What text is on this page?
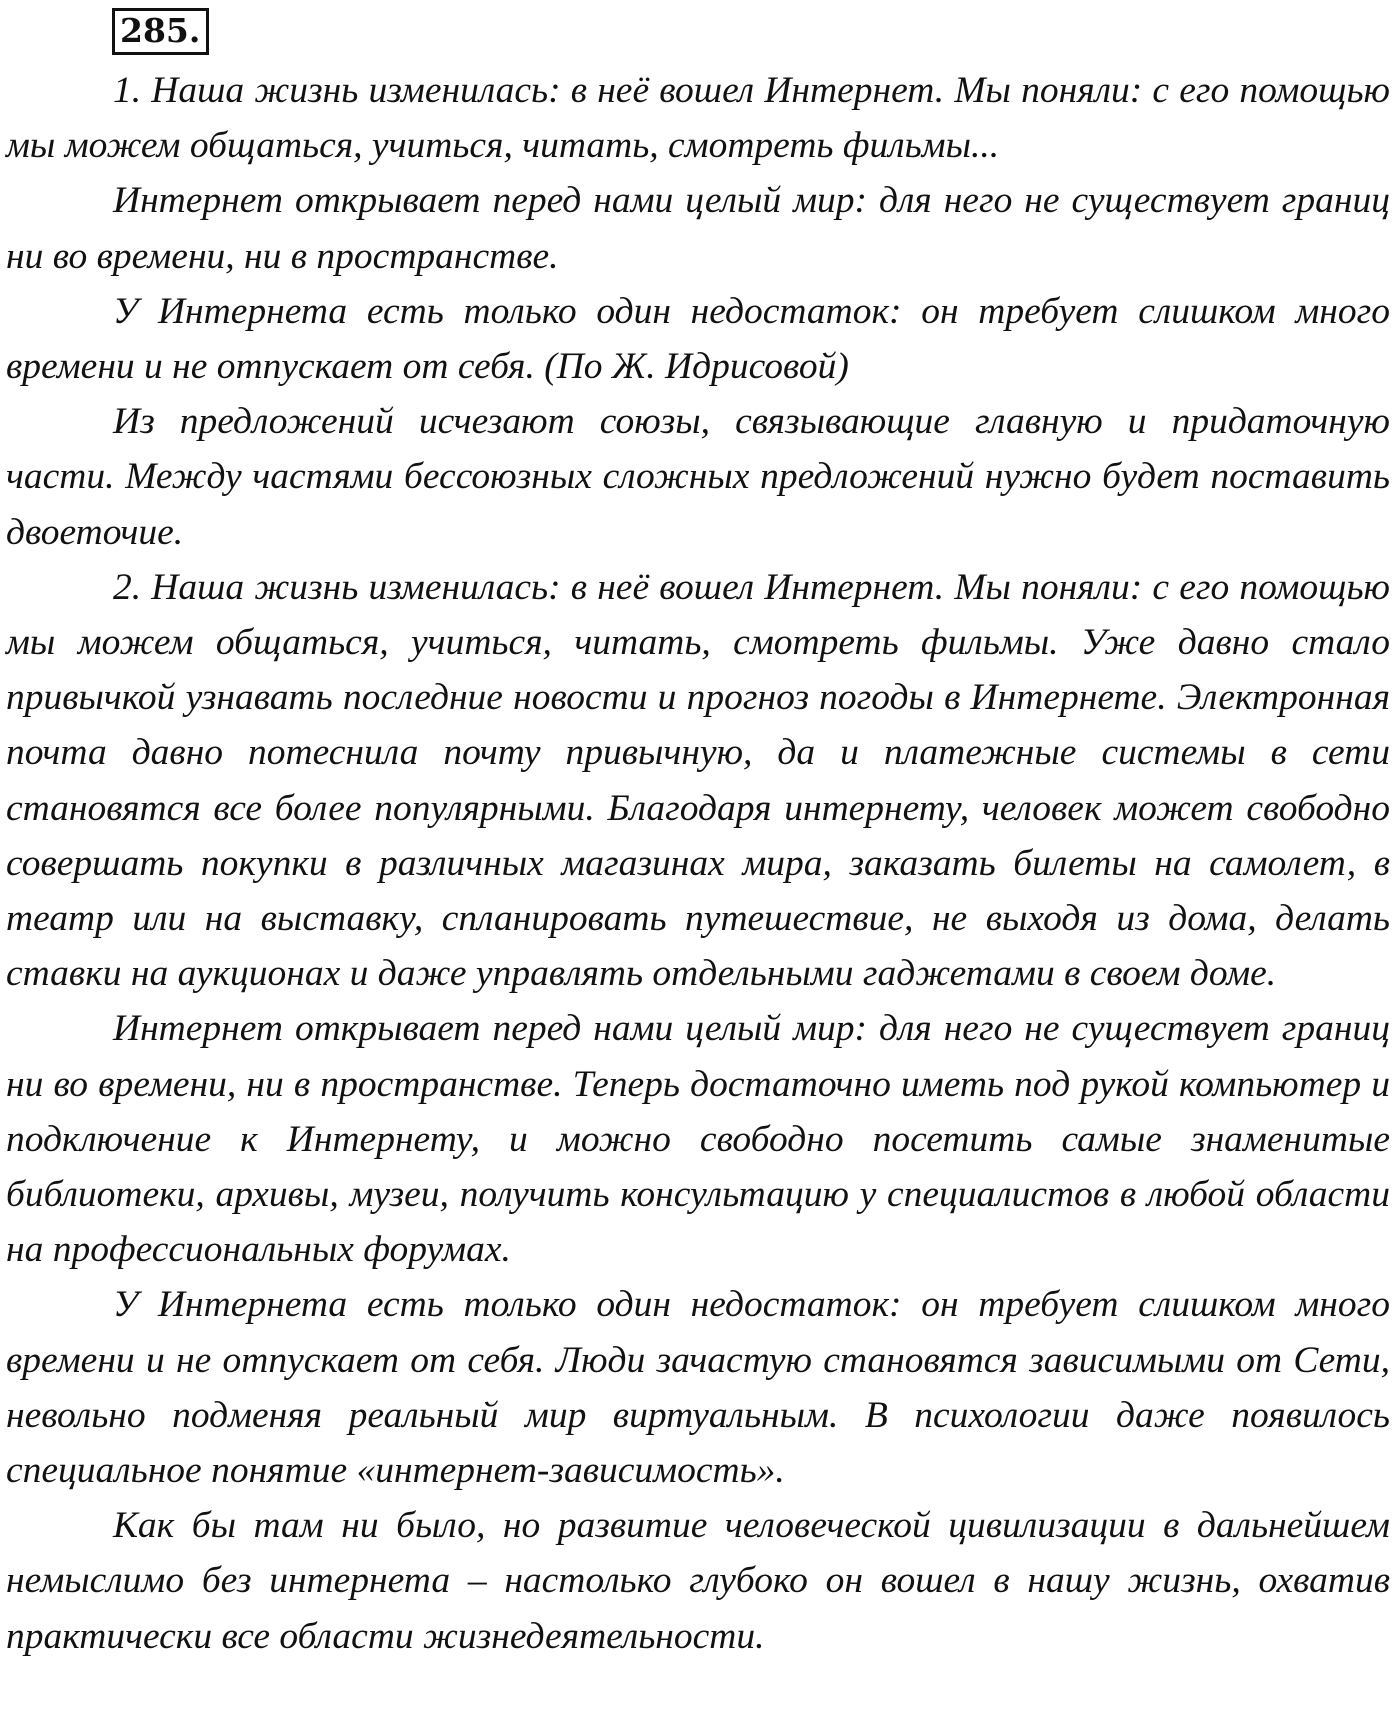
285.

1. Наша жизнь изменилась: в неё вошел Интернет. Мы поняли: с его помощью мы можем общаться, учиться, читать, смотреть фильмы...

Интернет открывает перед нами целый мир: для него не существует границ ни во времени, ни в пространстве.

У Интернета есть только один недостаток: он требует слишком много времени и не отпускает от себя. (По Ж. Идрисовой)

Из предложений исчезают союзы, связывающие главную и придаточную части. Между частями бессоюзных сложных предложений нужно будет поставить двоеточие.

2. Наша жизнь изменилась: в неё вошел Интернет. Мы поняли: с его помощью мы можем общаться, учиться, читать, смотреть фильмы. Уже давно стало привычкой узнавать последние новости и прогноз погоды в Интернете. Электронная почта давно потеснила почту привычную, да и платежные системы в сети становятся все более популярными. Благодаря интернету, человек может свободно совершать покупки в различных магазинах мира, заказать билеты на самолет, в театр или на выставку, спланировать путешествие, не выходя из дома, делать ставки на аукционах и даже управлять отдельными гаджетами в своем доме.

Интернет открывает перед нами целый мир: для него не существует границ ни во времени, ни в пространстве. Теперь достаточно иметь под рукой компьютер и подключение к Интернету, и можно свободно посетить самые знаменитые библиотеки, архивы, музеи, получить консультацию у специалистов в любой области на профессиональных форумах.

У Интернета есть только один недостаток: он требует слишком много времени и не отпускает от себя. Люди зачастую становятся зависимыми от Сети, невольно подменяя реальный мир виртуальным. В психологии даже появилось специальное понятие «интернет-зависимость».

Как бы там ни было, но развитие человеческой цивилизации в дальнейшем немыслимо без интернета – настолько глубоко он вошел в нашу жизнь, охватив практически все области жизнедеятельности.
